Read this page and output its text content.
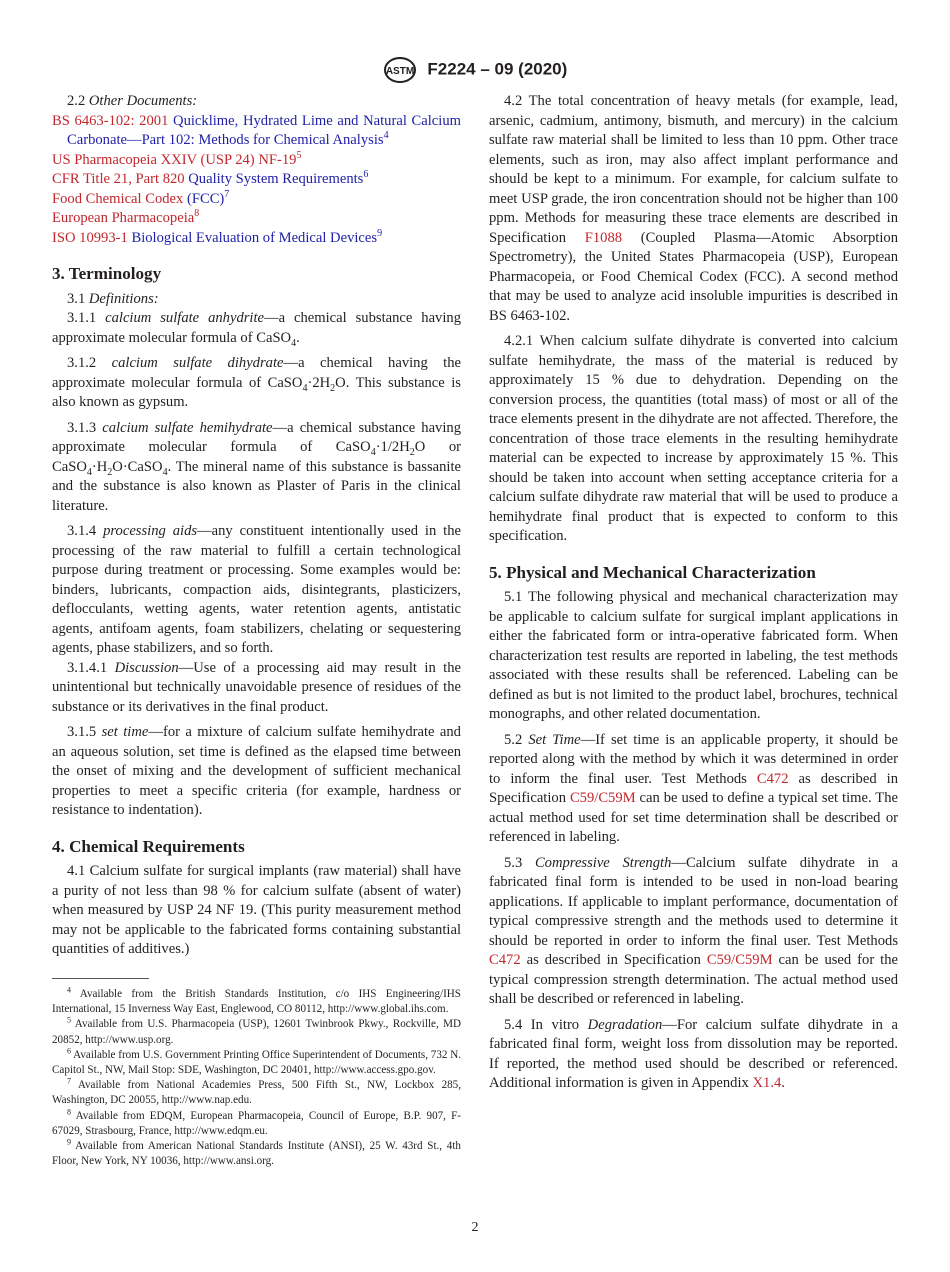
ASTM F2224 – 09 (2020)

2.2 Other Documents:

BS 6463-102: 2001 Quicklime, Hydrated Lime and Natural Calcium Carbonate—Part 102: Methods for Chemical Analysis$^4$

US Pharmacopeia XXIV (USP 24) $NF-19^5$

CFR Title 21, Part 820 Quality System Requirements$^6$

Food Chemical Codex (FCC)$^7$

European Pharmacopeia$^8$

ISO 10993-1 Biological Evaluation of Medical Devices$^9$

3. Terminology

3.1 Definitions:

3.1.1 calcium sulfate anhydrite—a chemical substance having approximate molecular formula of CaSO$_4$.

3.1.2 calcium sulfate dihydrate—a chemical having the approximate molecular formula of $CaSO_4\cdot 2H_2O$. This substance is also known as gypsum.

3.1.3 calcium sulfate hemihydrate—a chemical substance having approximate molecular formula of $CaSO_4\cdot 1/2H_2O$ or $CaSO_4\cdot H_2O\cdot CaSO_4$. The mineral name of this substance is bassanite and the substance is also known as Plaster of Paris in the clinical literature.

3.1.4 processing aids—any constituent intentionally used in the processing of the raw material to fulfill a certain technological purpose during treatment or processing. Some examples would be: binders, lubricants, compaction aids, disintegrants, plasticizers, deflocculants, wetting agents, water retention agents, antistatic agents, antifoam agents, foam stabilizers, chelating or sequestering agents, phase stabilizers, and so forth.

3.1.4.1 Discussion—Use of a processing aid may result in the unintentional but technically unavoidable presence of residues of the substance or its derivatives in the final product.

3.1.5 set time—for a mixture of calcium sulfate hemihydrate and an aqueous solution, set time is defined as the elapsed time between the onset of mixing and the development of sufficient mechanical properties to meet a specific criteria (for example, hardness or resistance to indentation).

4. Chemical Requirements

4.1 Calcium sulfate for surgical implants (raw material) shall have a purity of not less than 98 % for calcium sulfate (absent of water) when measured by USP 24 NF 19. (This purity measurement method may not be applicable to the fabricated forms containing substantial quantities of additives.)

4.2 The total concentration of heavy metals (for example, lead, arsenic, cadmium, antimony, bismuth, and mercury) in the calcium sulfate raw material shall be limited to less than 10 ppm. Other trace elements, such as iron, may also affect implant performance and should be kept to a minimum. For example, for calcium sulfate to meet USP grade, the iron concentration should not be higher than 100 ppm. Methods for measuring these trace elements are described in Specification F1088 (Coupled Plasma—Atomic Absorption Spectrometry), the United States Pharmacopeia (USP), European Pharmacopeia, or Food Chemical Codex (FCC). A second method that may be used to analyze acid insoluble impurities is described in BS 6463-102.

4.2.1 When calcium sulfate dihydrate is converted into calcium sulfate hemihydrate, the mass of the material is reduced by approximately 15 % due to dehydration. Depending on the conversion process, the quantities (total mass) of most or all of the trace elements present in the dihydrate are not affected. Therefore, the concentration of those trace elements in the resulting hemihydrate material can be expected to increase by approximately 15 %. This should be taken into account when setting acceptance criteria for a calcium sulfate dihydrate raw material that will be used to produce a hemihydrate final product that is expected to conform to this specification.

5. Physical and Mechanical Characterization

5.1 The following physical and mechanical characterization may be applicable to calcium sulfate for surgical implant applications in either the fabricated form or intra-operative fabricated form. When characterization test results are reported in labeling, the test methods associated with these results shall be referenced. Labeling can be defined as but is not limited to the product label, brochures, technical monographs, and other related documentation.

5.2 Set Time—If set time is an applicable property, it should be reported along with the method by which it was determined in order to inform the final user. Test Methods C472 as described in Specification C59/C59M can be used to define a typical set time. The actual method used for set time determination shall be described or referenced in labeling.

5.3 Compressive Strength—Calcium sulfate dihydrate in a fabricated final form is intended to be used in non-load bearing applications. If applicable to implant performance, documentation of typical compressive strength and the methods used to determine it should be reported in order to inform the final user. Test Methods C472 as described in Specification C59/C59M can be used for the typical compression strength determination. The actual method used shall be described or referenced in labeling.

5.4 In vitro Degradation—For calcium sulfate dihydrate in a fabricated final form, weight loss from dissolution may be reported. If reported, the method used should be described or referenced. Additional information is given in Appendix X1.4.

$^4$ Available from the British Standards Institution, c/o IHS Engineering/IHS International, 15 Inverness Way East, Englewood, CO 80112, http://www.global.ihs.com.

$^5$ Available from U.S. Pharmacopeia (USP), 12601 Twinbrook Pkwy., Rockville, MD 20852, http://www.usp.org.

$^6$ Available from U.S. Government Printing Office Superintendent of Documents, 732 N. Capitol St., NW, Mail Stop: SDE, Washington, DC 20401, http://www.access.gpo.gov.

$^7$ Available from National Academies Press, 500 Fifth St., NW, Lockbox 285, Washington, DC 20055, http://www.nap.edu.

$^8$ Available from EDQM, European Pharmacopeia, Council of Europe, B.P. 907, F-67029, Strasbourg, France, http://www.edqm.eu.

$^9$ Available from American National Standards Institute (ANSI), 25 W. 43rd St., 4th Floor, New York, NY 10036, http://www.ansi.org.

2
